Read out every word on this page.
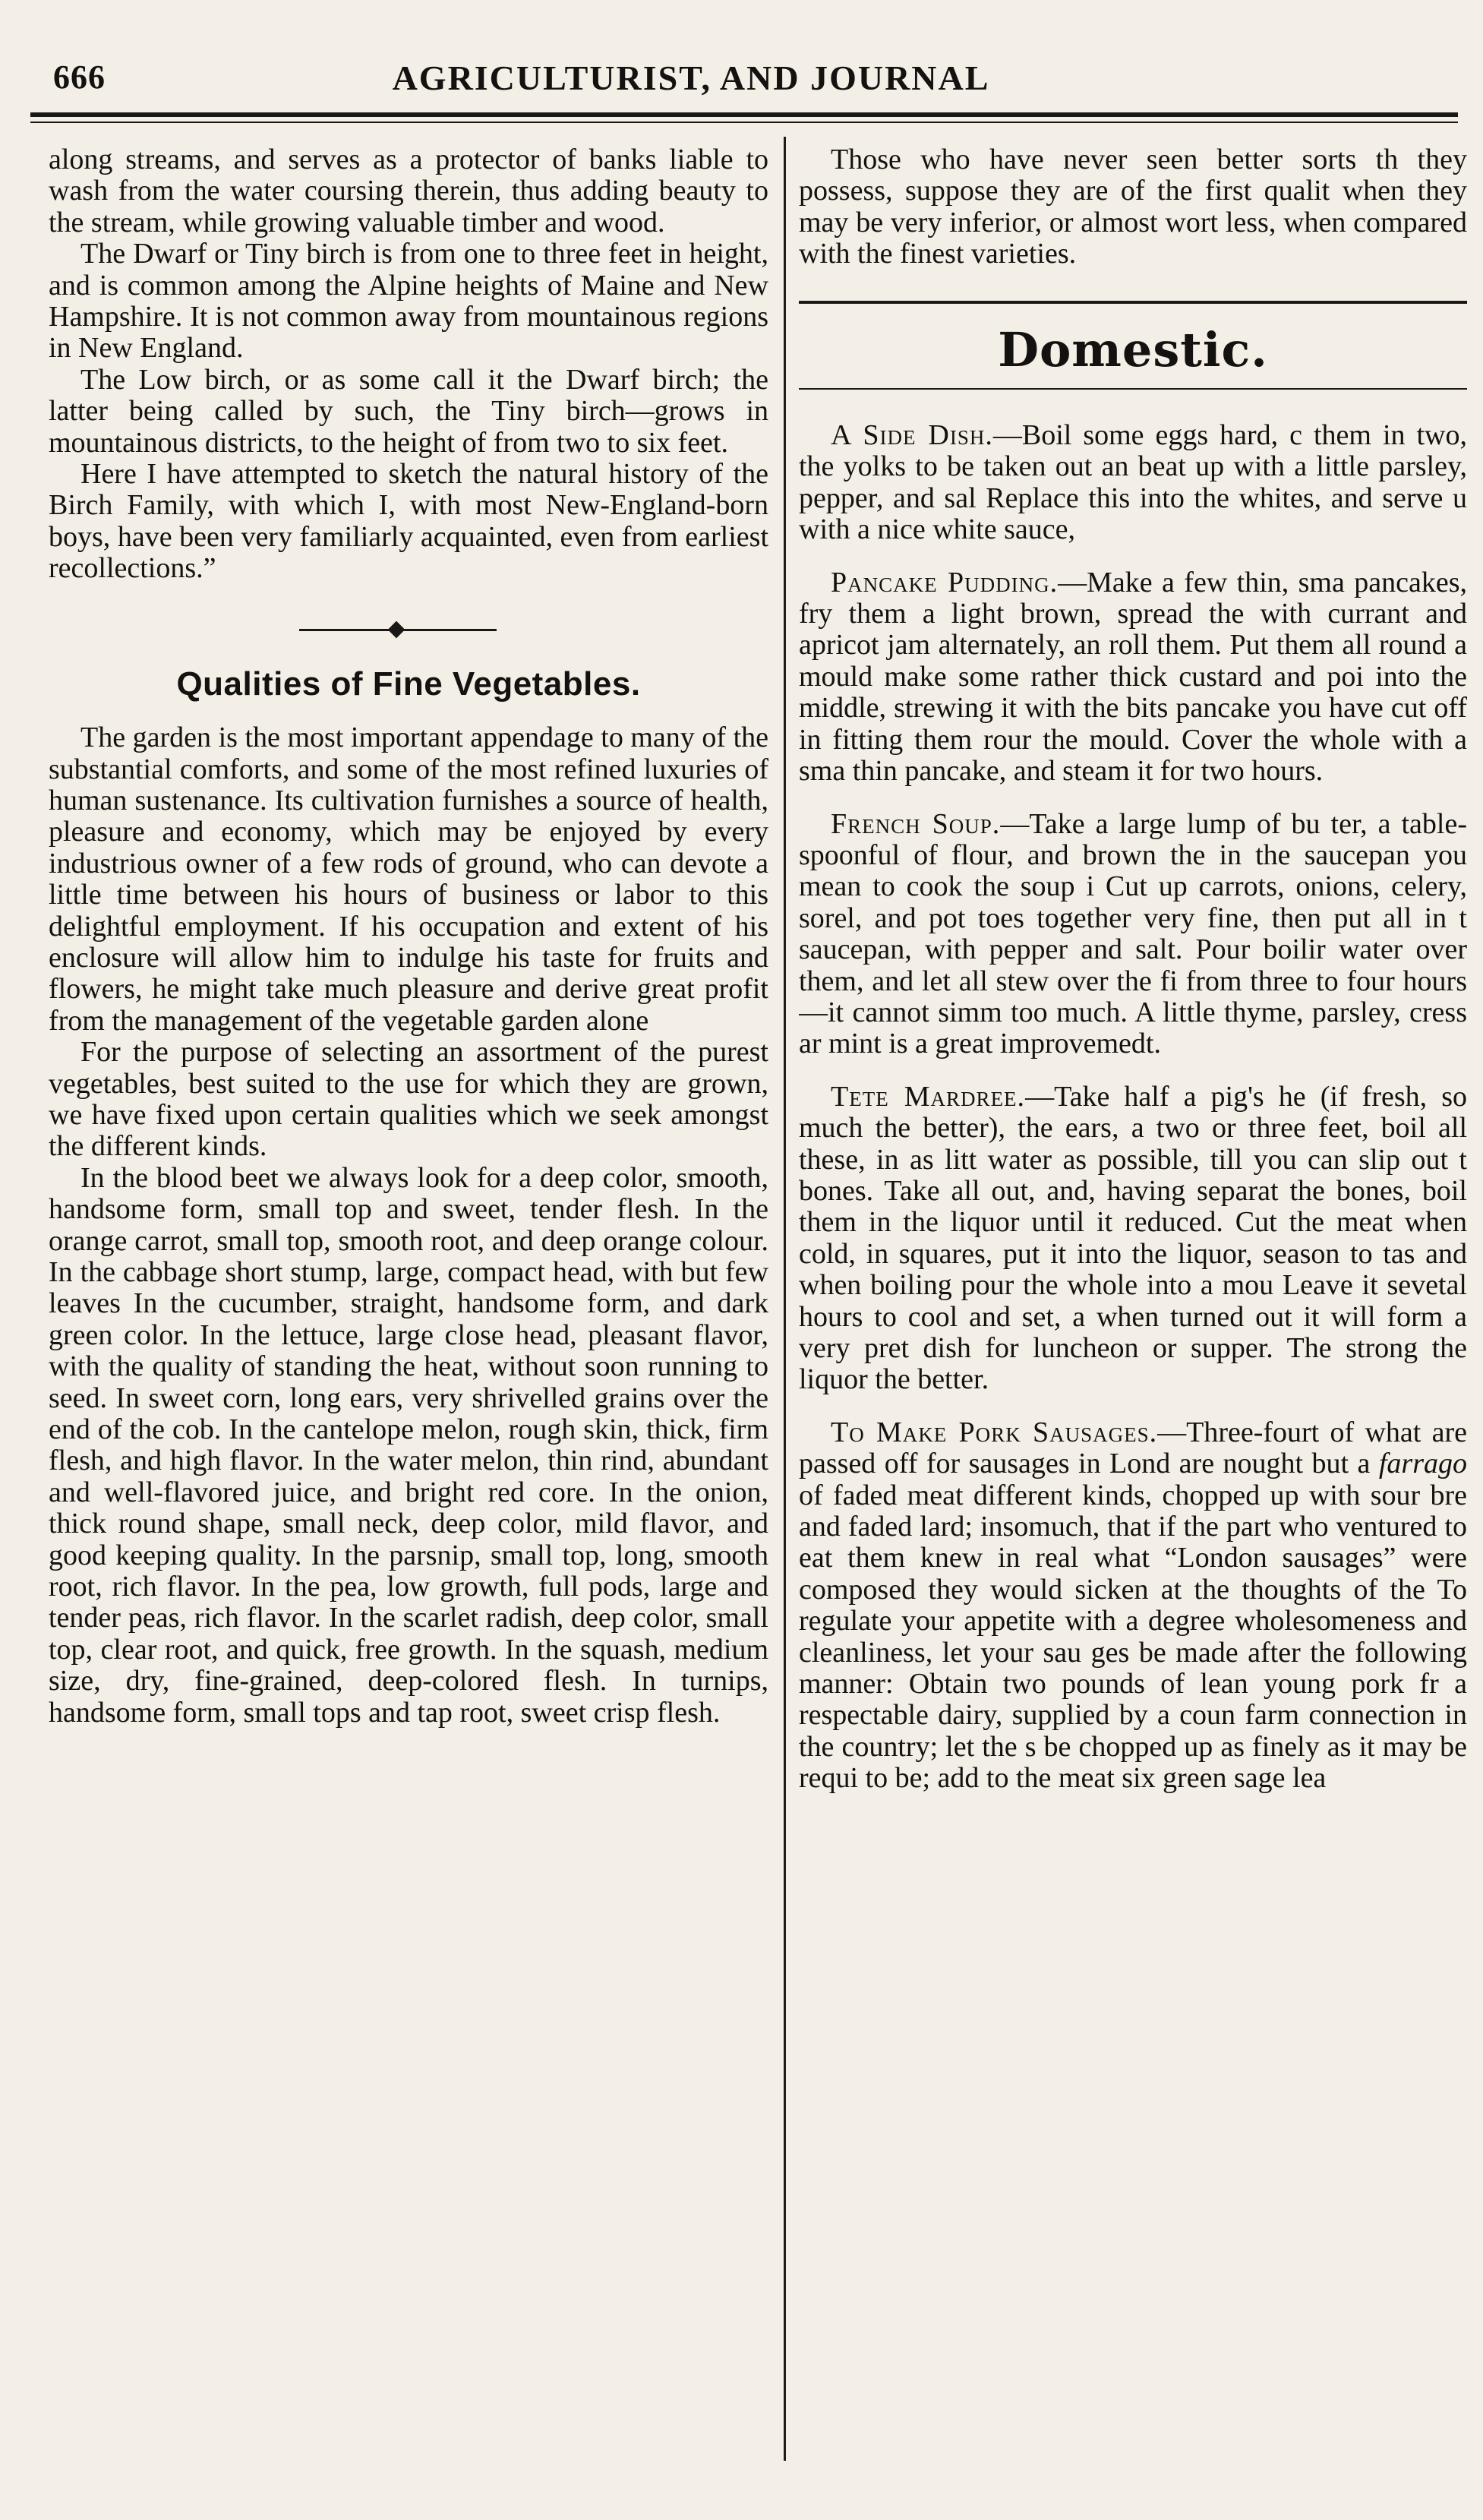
666	AGRICULTURIST, AND JOURNAL

along streams, and serves as a protector of banks liable to wash from the water coursing therein, thus adding beauty to the stream, while growing valuable timber and wood.

The Dwarf or Tiny birch is from one to three feet in height, and is common among the Alpine heights of Maine and New Hampshire. It is not common away from mountainous regions in New England.

The Low birch, or as some call it the Dwarf birch; the latter being called by such, the Tiny birch—grows in mountainous districts, to the height of from two to six feet.

Here I have attempted to sketch the natural history of the Birch Family, with which I, with most New-England-born boys, have been very familiarly acquainted, even from earliest recollections.”

Qualities of Fine Vegetables.

The garden is the most important appendage to many of the substantial comforts, and some of the most refined luxuries of human sustenance. Its cultivation furnishes a source of health, pleasure and economy, which may be enjoyed by every industrious owner of a few rods of ground, who can devote a little time between his hours of business or labor to this delightful employment. If his occupation and extent of his enclosure will allow him to indulge his taste for fruits and flowers, he might take much pleasure and derive great profit from the management of the vegetable garden alone

For the purpose of selecting an assortment of the purest vegetables, best suited to the use for which they are grown, we have fixed upon certain qualities which we seek amongst the different kinds.

In the blood beet we always look for a deep color, smooth, handsome form, small top and sweet, tender flesh. In the orange carrot, small top, smooth root, and deep orange colour. In the cabbage short stump, large, compact head, with but few leaves In the cucumber, straight, handsome form, and dark green color. In the lettuce, large close head, pleasant flavor, with the quality of standing the heat, without soon running to seed. In sweet corn, long ears, very shrivelled grains over the end of the cob. In the cantelope melon, rough skin, thick, firm flesh, and high flavor. In the water melon, thin rind, abundant and well-flavored juice, and bright red core. In the onion, thick round shape, small neck, deep color, mild flavor, and good keeping quality. In the parsnip, small top, long, smooth root, rich flavor. In the pea, low growth, full pods, large and tender peas, rich flavor. In the scarlet radish, deep color, small top, clear root, and quick, free growth. In the squash, medium size, dry, fine-grained, deep-colored flesh. In turnips, handsome form, small tops and tap root, sweet crisp flesh.

Those who have never seen better sorts th they possess, suppose they are of the first qualit when they may be very inferior, or almost wort less, when compared with the finest varieties.

Domestic.

A Side Dish.—Boil some eggs hard, c them in two, the yolks to be taken out an beat up with a little parsley, pepper, and sal Replace this into the whites, and serve u with a nice white sauce,

Pancake Pudding.—Make a few thin, sma pancakes, fry them a light brown, spread the with currant and apricot jam alternately, an roll them. Put them all round a mould make some rather thick custard and poi into the middle, strewing it with the bits pancake you have cut off in fitting them rour the mould. Cover the whole with a sma thin pancake, and steam it for two hours.

French Soup.—Take a large lump of bu ter, a table-spoonful of flour, and brown the in the saucepan you mean to cook the soup i Cut up carrots, onions, celery, sorel, and pot toes together very fine, then put all in t saucepan, with pepper and salt. Pour boilir water over them, and let all stew over the fi from three to four hours—it cannot simm too much. A little thyme, parsley, cress ar mint is a great improvemedt.

Tete Mardree.—Take half a pig's he (if fresh, so much the better), the ears, a two or three feet, boil all these, in as litt water as possible, till you can slip out t bones. Take all out, and, having separat the bones, boil them in the liquor until it reduced. Cut the meat when cold, in squares, put it into the liquor, season to tas and when boiling pour the whole into a mou Leave it sevetal hours to cool and set, a when turned out it will form a very pret dish for luncheon or supper. The strong the liquor the better.

To Make Pork Sausages.—Three-fourt of what are passed off for sausages in Lond are nought but a farrago of faded meat different kinds, chopped up with sour bre and faded lard; insomuch, that if the part who ventured to eat them knew in real what “London sausages” were composed they would sicken at the thoughts of the To regulate your appetite with a degree wholesomeness and cleanliness, let your sau ges be made after the following manner: Obtain two pounds of lean young pork fr a respectable dairy, supplied by a coun farm connection in the country; let the s be chopped up as finely as it may be requi to be; add to the meat six green sage lea
